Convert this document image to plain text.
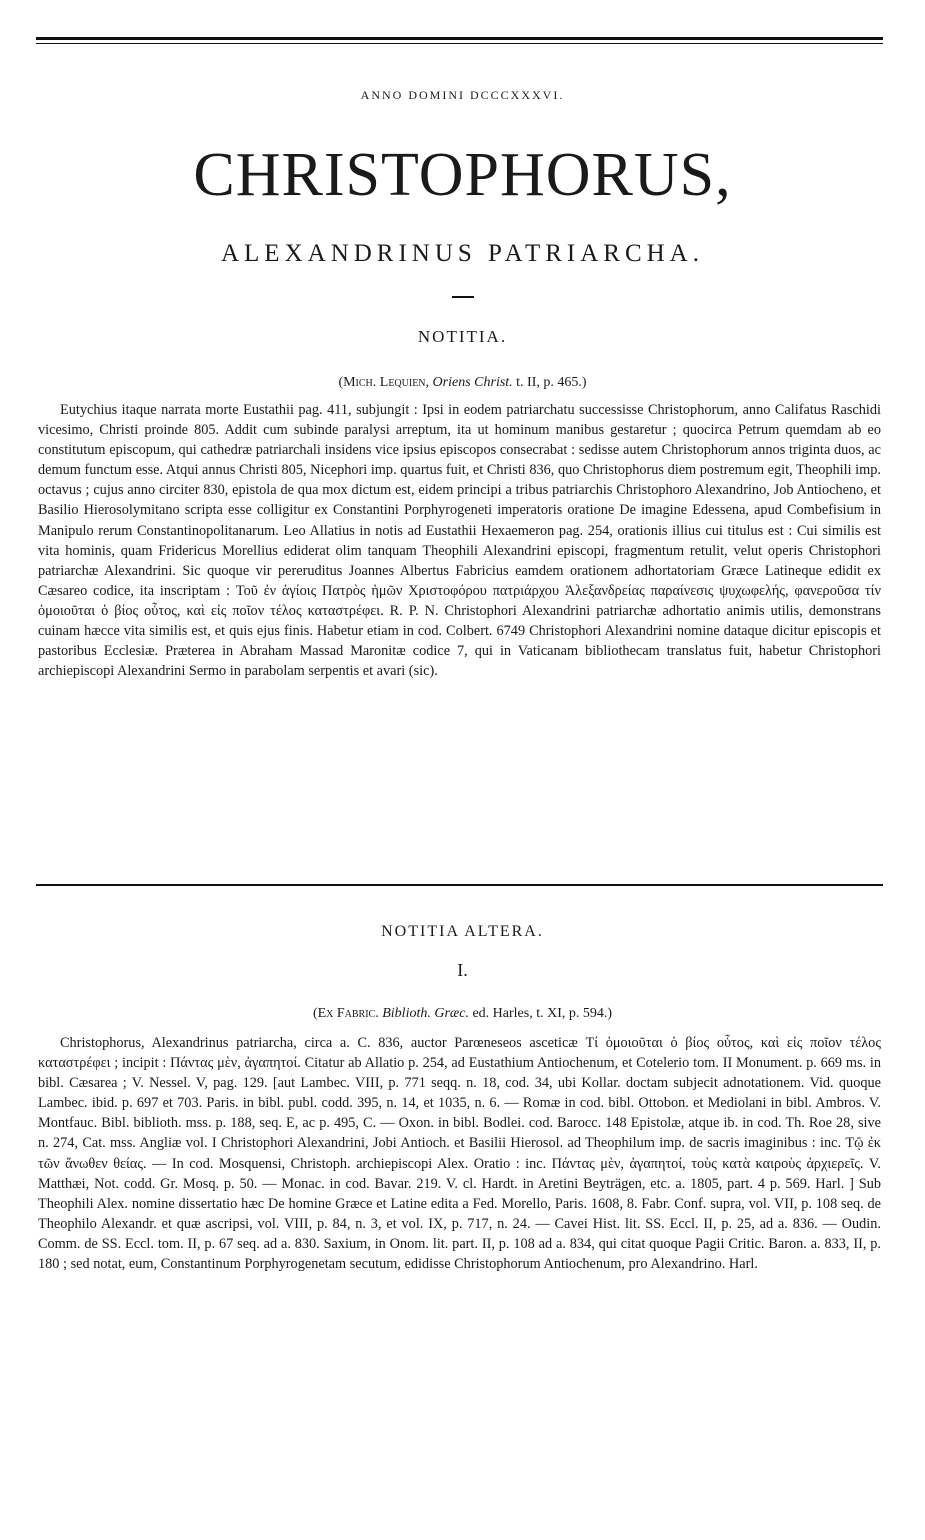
ANNO DOMINI DCCCXXXVI.
CHRISTOPHORUS,
ALEXANDRINUS PATRIARCHA.
NOTITIA.
(Mich. Lequien, Oriens Christ. t. II, p. 465.)

Eutychius itaque narrata morte Eustathii pag. 411, subjungit : Ipsi in eodem patriarchatu successisse Christophorum, anno Califatus Raschidi vicesimo, Christi proinde 805. Addit cum subinde paralysi arreptum, ita ut hominum manibus gestaretur ; quocirca Petrum quemdam ab eo constitutum episcopum, qui cathedræ patriarchali insidens vice ipsius episcopos consecrabat : sedisse autem Christophorum annos triginta duos, ac demum functum esse. Atqui annus Christi 805, Nicephori imp. quartus fuit, et Christi 836, quo Christophorus diem postremum egit, Theophili imp. octavus ; cujus anno circiter 830, epistola de qua mox dictum est, eidem principi a tribus patriarchis Christophoro Alexandrino, Job Antiocheno, et Basilio Hierosolymitano scripta esse colligitur ex Constantini Porphyrogeneti imperatoris oratione De imagine Edessena, apud Combefisium in Manipulo rerum Constantinopolitanarum. Leo Allatius in notis ad Eustathii Hexaemeron pag. 254, orationis illius cui titulus est : Cui similis est vita hominis, quam Fridericus Morellius ediderat olim tanquam Theophili Alexandrini episcopi, fragmentum retulit, velut operis Christophori patriarchæ Alexandrini. Sic quoque vir pereruditus Joannes Albertus Fabricius eamdem orationem adhortatoriam Græce Latineque edidit ex Cæsareo codice, ita inscriptam : Τοῦ ἐν ἁγίοις Πατρὸς ἡμῶν Χριστοφόρου πατριάρχου Ἀλεξανδρείας παραίνεσις ψυχωφελής, φανεροῦσα τίν ὁμοιοῦται ὁ βίος οὗτος, καὶ εἰς ποῖον τέλος καταστρέφει. R. P. N. Christophori Alexandrini patriarchæ adhortatio animis utilis, demonstrans cuinam hæcce vita similis est, et quis ejus finis. Habetur etiam in cod. Colbert. 6749 Christophori Alexandrini nomine dataque dicitur episcopis et pastoribus Ecclesiæ. Præterea in Abraham Massad Maronitæ codice 7, qui in Vaticanam bibliothecam translatus fuit, habetur Christophori archiepiscopi Alexandrini Sermo in parabolam serpentis et avari (sic).

NOTITIA ALTERA.
I.
(Ex Fabric. Biblioth. Græc. ed. Harles, t. XI, p. 594.)

Christophorus, Alexandrinus patriarcha, circa a. C. 836, auctor Parœneseos asceticæ Τί ὁμοιοῦται ὁ βίος οὗτος, καὶ εἰς ποῖον τέλος καταστρέφει ; incipit : Πάντας μὲν, ἀγαπητοί. Citatur ab Allatio p. 254, ad Eustathium Antiochenum, et Cotelerio tom. II Monument. p. 669 ms. in bibl. Cæsarea ; V. Nessel. V, pag. 129. [aut Lambec. VIII, p. 771 seqq. n. 18, cod. 34, ubi Kollar. doctam subjecit adnotationem. Vid. quoque Lambec. ibid. p. 697 et 703. Paris. in bibl. publ. codd. 395, n. 14, et 1035, n. 6. — Romæ in cod. bibl. Ottobon. et Mediolani in bibl. Ambros. V. Montfauc. Bibl. biblioth. mss. p. 188, seq. E, ac p. 495, C. — Oxon. in bibl. Bodlei. cod. Barocc. 148 Epistolæ, atque ib. in cod. Th. Roe 28, sive n. 274, Cat. mss. Angliæ vol. I Christophori Alexandrini, Jobi Antioch. et Basilii Hierosol. ad Theophilum imp. de sacris imaginibus : inc. Τῷ ἐκ τῶν ἄνωθεν θείας. — In cod. Mosquensi, Christoph. archiepiscopi Alex. Oratio : inc. Πάντας μὲν, ἀγαπητοί, τοὺς κατὰ καιροὺς ἀρχιερεῖς. V. Matthæi, Not. codd. Gr. Mosq. p. 50. — Monac. in cod. Bavar. 219. V. cl. Hardt. in Aretini Beyträgen, etc. a. 1805, part. 4 p. 569. Harl. ] Sub Theophili Alex. nomine dissertatio hæc De homine Græce et Latine edita a Fed. Morello, Paris. 1608, 8. Fabr. Conf. supra, vol. VII, p. 108 seq. de Theophilo Alexandr. et quæ ascripsi, vol. VIII, p. 84, n. 3, et vol. IX, p. 717, n. 24. — Cavei Hist. lit. SS. Eccl. II, p. 25, ad a. 836. — Oudin. Comm. de SS. Eccl. tom. II, p. 67 seq. ad a. 830. Saxium, in Onom. lit. part. II, p. 108 ad a. 834, qui citat quoque Pagii Critic. Baron. a. 833, II, p. 180 ; sed notat, eum, Constantinum Porphyrogenetam secutum, edidisse Christophorum Antiochenum, pro Alexandrino. Harl.
